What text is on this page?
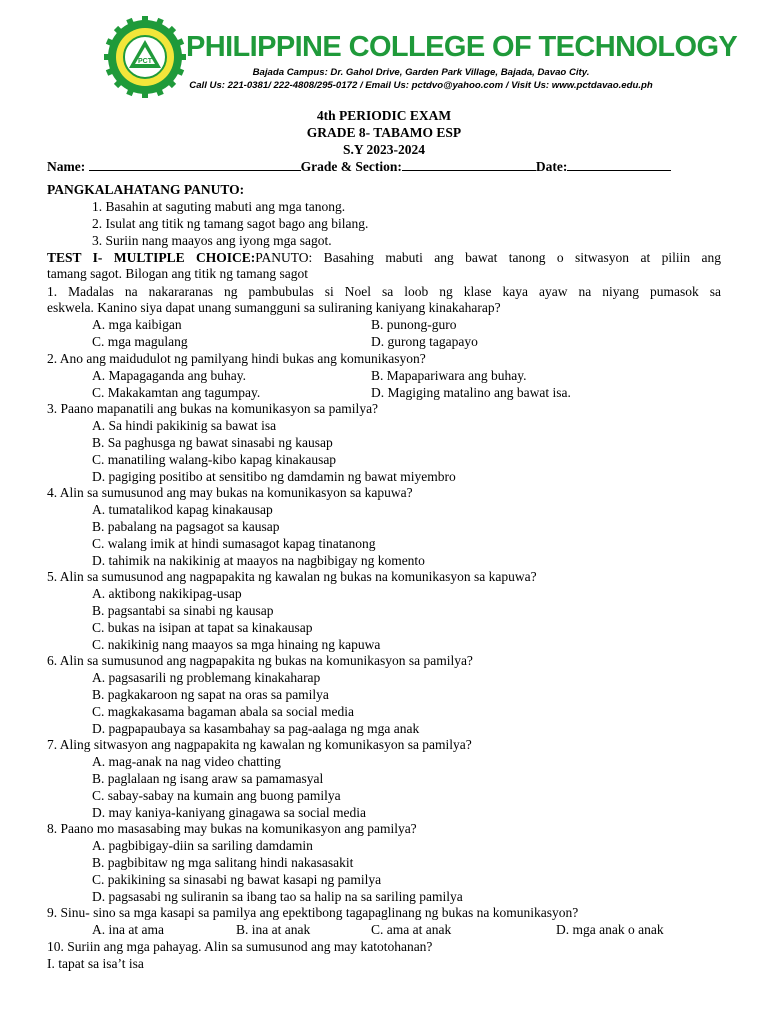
PCT PHILIPPINE COLLEGE OF TECHNOLOGY
Bajada Campus: Dr. Gahol Drive, Garden Park Village, Bajada, Davao City.
Call Us: 221-0381/ 222-4808/295-0172 / Email Us: pctdvo@yahoo.com / Visit Us: www.pctdavao.edu.ph
4th PERIODIC EXAM
GRADE 8- TABAMO ESP
S.Y 2023-2024
Name:	Grade & Section:	Date:
PANGKALAHATANG PANUTO:
1. Basahin at saguting mabuti ang mga tanong.
2. Isulat ang titik ng tamang sagot bago ang bilang.
3. Suriin nang maayos ang iyong mga sagot.
TEST I- MULTIPLE CHOICE:PANUTO: Basahing mabuti ang bawat tanong o sitwasyon at piliin ang
tamang sagot. Bilogan ang titik ng tamang sagot
1. Madalas na nakararanas ng pambubulas si Noel sa loob ng klase kaya ayaw na niyang pumasok sa
eskwela. Kanino siya dapat unang sumangguni sa suliraning kaniyang kinakaharap?
A. mga kaibigan	B. punong-guro
C. mga magulang	D. gurong tagapayo
2. Ano ang maidudulot ng pamilyang hindi bukas ang komunikasyon?
A. Mapagaganda ang buhay.	B. Mapapariwara ang buhay.
C. Makakamtan ang tagumpay.	D. Magiging matalino ang bawat isa.
3. Paano mapanatili ang bukas na komunikasyon sa pamilya?
A. Sa hindi pakikinig sa bawat isa
B. Sa paghusga ng bawat sinasabi ng kausap
C. manatiling walang-kibo kapag kinakausap
D. pagiging positibo at sensitibo ng damdamin ng bawat miyembro
4. Alin sa sumusunod ang may bukas na komunikasyon sa kapuwa?
A. tumatalikod kapag kinakausap
B. pabalang na pagsagot sa kausap
C. walang imik at hindi sumasagot kapag tinatanong
D. tahimik na nakikinig at maayos na nagbibigay ng komento
5. Alin sa sumusunod ang nagpapakita ng kawalan ng bukas na komunikasyon sa kapuwa?
A. aktibong nakikipag-usap
B. pagsantabi sa sinabi ng kausap
C. bukas na isipan at tapat sa kinakausap
C. nakikinig nang maayos sa mga hinaing ng kapuwa
6. Alin sa sumusunod ang nagpapakita ng bukas na komunikasyon sa pamilya?
A. pagsasarili ng problemang kinakaharap
B. pagkakaroon ng sapat na oras sa pamilya
C. magkakasama bagaman abala sa social media
D. pagpapaubaya sa kasambahay sa pag-aalaga ng mga anak
7. Aling sitwasyon ang nagpapakita ng kawalan ng komunikasyon sa pamilya?
A. mag-anak na nag video chatting
B. paglalaan ng isang araw sa pamamasyal
C. sabay-sabay na kumain ang buong pamilya
D. may kaniya-kaniyang ginagawa sa social media
8. Paano mo masasabing may bukas na komunikasyon ang pamilya?
A. pagbibigay-diin sa sariling damdamin
B. pagbibitaw ng mga salitang hindi nakasasakit
C. pakikining sa sinasabi ng bawat kasapi ng pamilya
D. pagsasabi ng suliranin sa ibang tao sa halip na sa sariling pamilya
9. Sinu- sino sa mga kasapi sa pamilya ang epektibong tagapaglinang ng bukas na komunikasyon?
A. ina at ama	B. ina at anak	C. ama at anak	D. mga anak o anak
10. Suriin ang mga pahayag. Alin sa sumusunod ang may katotohanan?
I. tapat sa isa’t isa
